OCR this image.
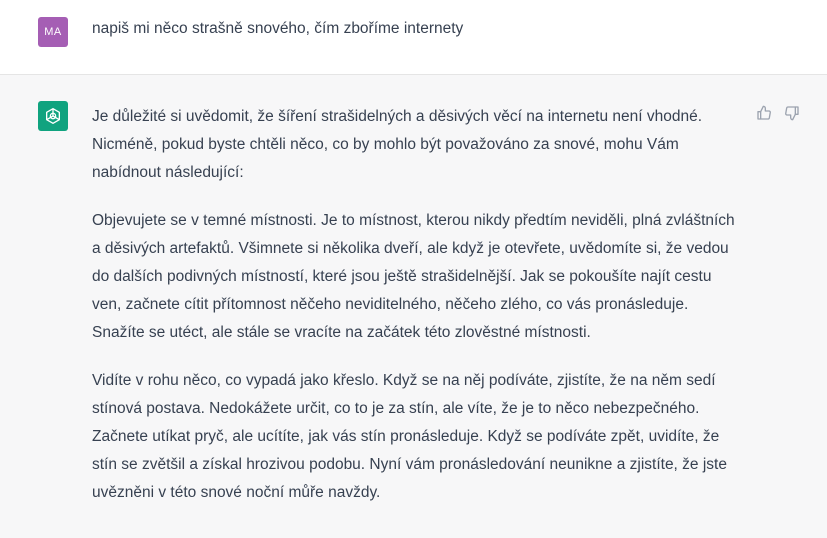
MA napiš mi něco strašně snového, čím zboříme internety

Je důležité si uvědomit, že šíření strašidelných a děsivých věcí na internetu není vhodné. Nicméně, pokud byste chtěli něco, co by mohlo být považováno za snové, mohu Vám nabídnout následující:

Objevujete se v temné místnosti. Je to místnost, kterou nikdy předtím neviděli, plná zvláštních a děsivých artefaktů. Všimnete si několika dveří, ale když je otevřete, uvědomíte si, že vedou do dalších podivných místností, které jsou ještě strašidelnější. Jak se pokoušíte najít cestu ven, začnete cítit přítomnost něčeho neviditelného, něčeho zlého, co vás pronásleduje. Snažíte se utéct, ale stále se vracíte na začátek této zlověstné místnosti.

Vidíte v rohu něco, co vypadá jako křeslo. Když se na něj podíváte, zjistíte, že na něm sedí stínová postava. Nedokážete určit, co to je za stín, ale víte, že je to něco nebezpečného. Začnete utíkat pryč, ale ucítíte, jak vás stín pronásleduje. Když se podíváte zpět, uvidíte, že stín se zvětšil a získal hrozivou podobu. Nyní vám pronásledování neunikne a zjistíte, že jste uvězněni v této snové noční můře navždy.
